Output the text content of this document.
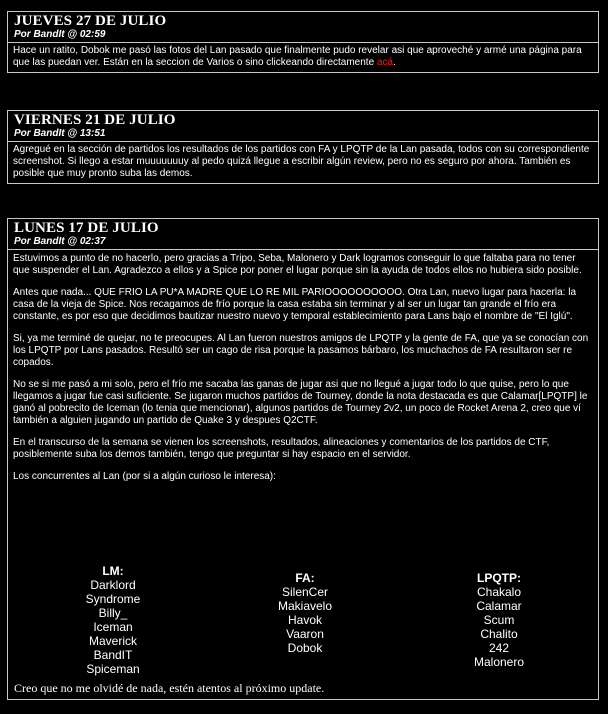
JUEVES 27 DE JULIO
Por BandIt @ 02:59
Hace un ratito, Dobok me pasó las fotos del Lan pasado que finalmente pudo revelar asi que aproveché y armé una página para que las puedan ver. Están en la seccion de Varios o sino clickeando directamente acá.
VIERNES 21 DE JULIO
Por BandIt @ 13:51
Agregué en la sección de partidos los resultados de los partidos con FA y LPQTP de la Lan pasada, todos con su correspondiente screenshot. Si llego a estar muuuuuuuy al pedo quizá llegue a escribir algún review, pero no es seguro por ahora. También es posible que muy pronto suba las demos.
LUNES 17 DE JULIO
Por BandIt @ 02:37

Estuvimos a punto de no hacerlo, pero gracias a Tripo, Seba, Malonero y Dark logramos conseguir lo que faltaba para no tener que suspender el Lan. Agradezco a ellos y a Spice por poner el lugar porque sin la ayuda de todos ellos no hubiera sido posible.

Antes que nada... QUE FRIO LA PU*A MADRE QUE LO RE MIL PARIOOOOOOOOOO. Otra Lan, nuevo lugar para hacerla: la casa de la vieja de Spice. Nos recagamos de frío porque la casa estaba sin terminar y al ser un lugar tan grande el frío era constante, es por eso que decidimos bautizar nuestro nuevo y temporal establecimiento para Lans bajo el nombre de "El Iglú".

Si, ya me terminé de quejar, no te preocupes. Al Lan fueron nuestros amigos de LPQTP y la gente de FA, que ya se conocían con los LPQTP por Lans pasados. Resultó ser un cago de risa porque la pasamos bárbaro, los muchachos de FA resultaron ser re copados.

No se si me pasó a mi solo, pero el frío me sacaba las ganas de jugar asi que no llegué a jugar todo lo que quise, pero lo que llegamos a jugar fue casi suficiente. Se jugaron muchos partidos de Tourney, donde la nota destacada es que Calamar[LPQTP] le ganó al pobrecito de Iceman (lo tenia que mencionar), algunos partidos de Tourney 2v2, un poco de Rocket Arena 2, creo que ví también a alguien jugando un partido de Quake 3 y despues Q2CTF.

En el transcurso de la semana se vienen los screenshots, resultados, alineaciones y comentarios de los partidos de CTF, posiblemente suba los demos también, tengo que preguntar si hay espacio en el servidor.

Los concurrentes al Lan (por si a algún curioso le interesa):

LM:
Darklord
Syndrome
Billy_
Iceman
Maverick
BandIT
Spiceman
FA:
SilenCer
Makiavelo
Havok
Vaaron
Dobok
LPQTP:
Chakalo
Calamar
Scum
Chalito
242
Malonero
Creo que no me olvidé de nada, estén atentos al próximo update.
